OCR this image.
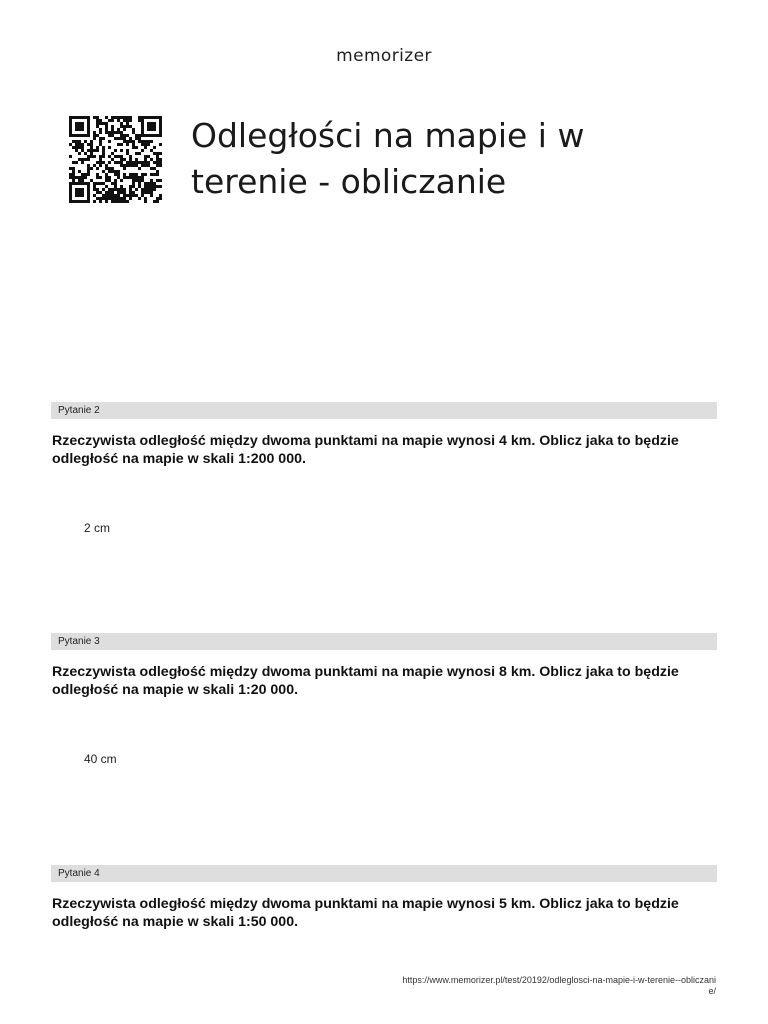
memorizer
Odległości na mapie i w terenie - obliczanie
Pytanie 2
Rzeczywista odległość między dwoma punktami na mapie wynosi 4 km. Oblicz jaka to będzie odległość na mapie w skali 1:200 000.
2 cm
Pytanie 3
Rzeczywista odległość między dwoma punktami na mapie wynosi 8 km. Oblicz jaka to będzie odległość na mapie w skali 1:20 000.
40 cm
Pytanie 4
Rzeczywista odległość między dwoma punktami na mapie wynosi 5 km. Oblicz jaka to będzie odległość na mapie w skali 1:50 000.
https://www.memorizer.pl/test/20192/odleglosci-na-mapie-i-w-terenie--obliczanie/
